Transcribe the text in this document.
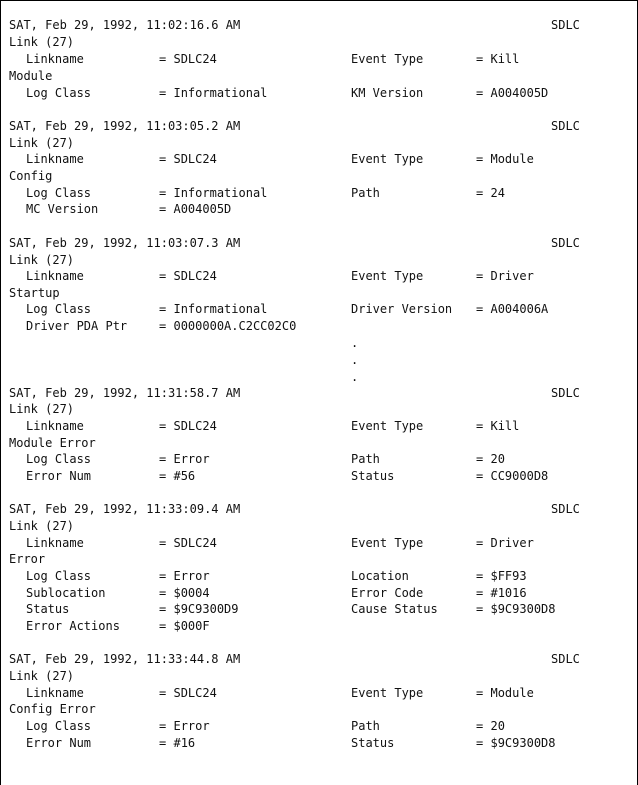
SAT, Feb 29, 1992, 11:02:16.6 AM	SDLC
Link (27)
Linkname	= SDLC24	Event Type	= Kill
Module
Log Class	= Informational	KM Version	= A004005D
SAT, Feb 29, 1992, 11:03:05.2 AM	SDLC
Link (27)
Linkname	= SDLC24	Event Type	= Module
Config
Log Class	= Informational	Path	= 24
MC Version	= A004005D
SAT, Feb 29, 1992, 11:03:07.3 AM	SDLC
Link (27)
Linkname	= SDLC24	Event Type	= Driver
Startup
Log Class	= Informational	Driver Version = A004006A
Driver PDA Ptr	= 0000000A.C2CC02C0
.
.
.
SAT, Feb 29, 1992, 11:31:58.7 AM	SDLC
Link (27)
Linkname	= SDLC24	Event Type	= Kill
Module Error
Log Class	= Error	Path	= 20
Error Num	= #56	Status	= CC9000D8
SAT, Feb 29, 1992, 11:33:09.4 AM	SDLC
Link (27)
Linkname	= SDLC24	Event Type	= Driver
Error
Log Class	= Error	Location	= $FF93
Sublocation	= $0004	Error Code	= #1016
Status	= $9C9300D9	Cause Status	= $9C9300D8
Error Actions	= $000F
SAT, Feb 29, 1992, 11:33:44.8 AM	SDLC
Link (27)
Linkname	= SDLC24	Event Type	= Module
Config Error
Log Class	= Error	Path	= 20
Error Num	= #16	Status	= $9C9300D8
